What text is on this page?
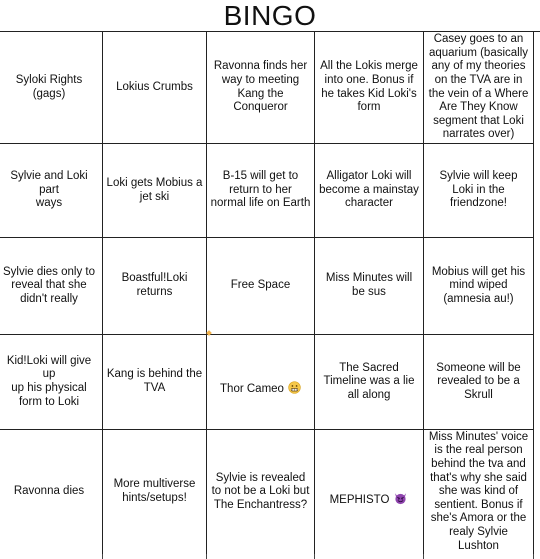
BINGO
Syloki Rights
(gags)
Lokius Crumbs
Ravonna finds her
way to meeting
Kang the
Conqueror
All the Lokis merge
into one. Bonus if
he takes Kid Loki's
form
Casey goes to an
aquarium (basically
any of my theories
on the TVA are in
the vein of a Where
Are They Know
segment that Loki
narrates over)
Sylvie and Loki part
ways
Loki gets Mobius a
jet ski
B-15 will get to
return to her
normal life on Earth
Alligator Loki will
become a mainstay
character
Sylvie will keep
Loki in the
friendzone!
Sylvie dies only to
reveal that she
didn't really
Boastful!Loki
returns
Free Space
Miss Minutes will
be sus
Mobius will get his
mind wiped
(amnesia au!)
Kid!Loki will give up
up his physical
form to Loki
Kang is behind the
TVA	Thor Cameo

The Sacred
Timeline was a lie
all along
Someone will be
revealed to be a
Skrull
Ravonna dies
More multiverse
hints/setups!
Sylvie is revealed
to not be a Loki but
The Enchantress? MEPHISTO

Miss Minutes' voice
is the real person
behind the tva and
that's why she said
she was kind of
sentient. Bonus if
she's Amora or the
realy Sylvie
Lushton
